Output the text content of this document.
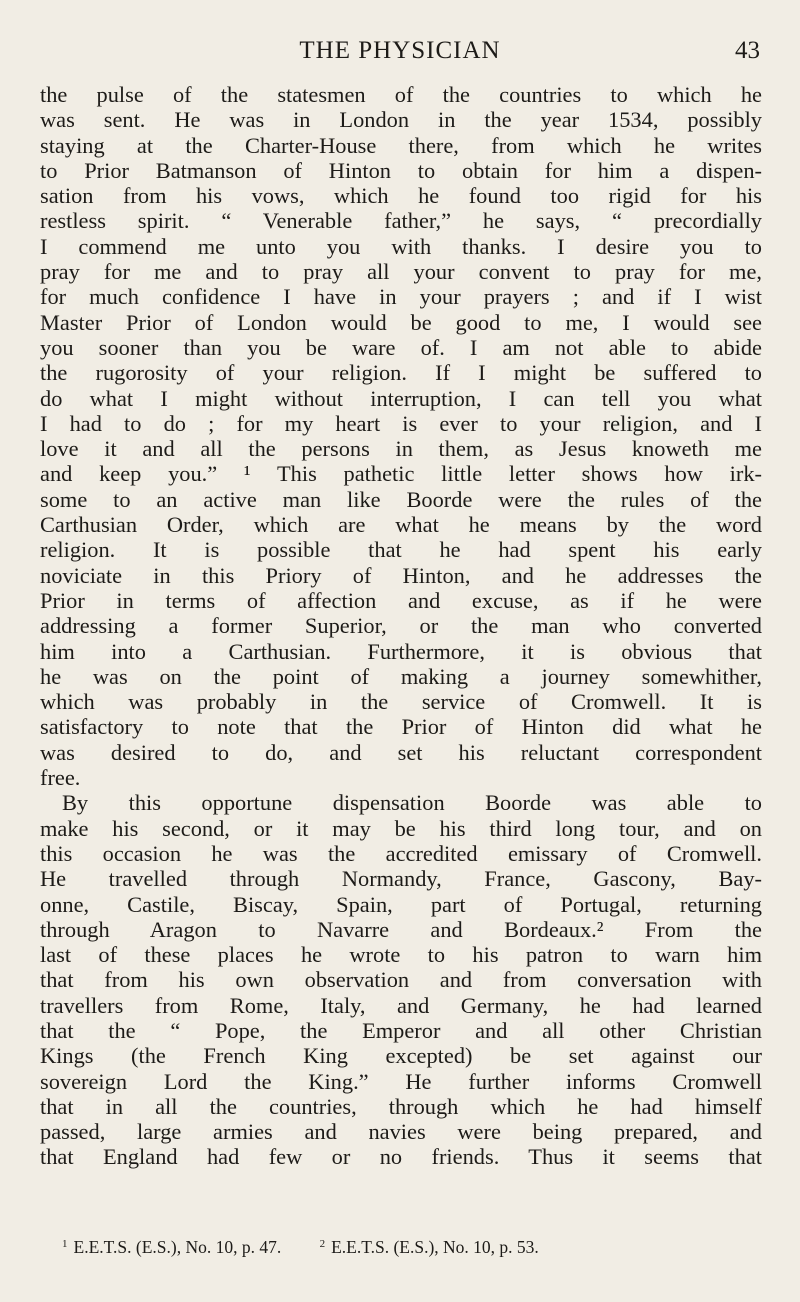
THE PHYSICIAN	43
the pulse of the statesmen of the countries to which he
was sent. He was in London in the year 1534, possibly
staying at the Charter-House there, from which he writes
to Prior Batmanson of Hinton to obtain for him a dispen-
sation from his vows, which he found too rigid for his
restless spirit. “ Venerable father,” he says, “ precordially
I commend me unto you with thanks. I desire you to
pray for me and to pray all your convent to pray for me,
for much confidence I have in your prayers ; and if I wist
Master Prior of London would be good to me, I would see
you sooner than you be ware of. I am not able to abide
the rugorosity of your religion. If I might be suffered to
do what I might without interruption, I can tell you what
I had to do ; for my heart is ever to your religion, and I
love it and all the persons in them, as Jesus knoweth me
and keep you.” ¹ This pathetic little letter shows how irk-
some to an active man like Boorde were the rules of the
Carthusian Order, which are what he means by the word
religion. It is possible that he had spent his early
noviciate in this Priory of Hinton, and he addresses the
Prior in terms of affection and excuse, as if he were
addressing a former Superior, or the man who converted
him into a Carthusian. Furthermore, it is obvious that
he was on the point of making a journey somewhither,
which was probably in the service of Cromwell. It is
satisfactory to note that the Prior of Hinton did what he
was desired to do, and set his reluctant correspondent
free.
By this opportune dispensation Boorde was able to
make his second, or it may be his third long tour, and on
this occasion he was the accredited emissary of Cromwell.
He travelled through Normandy, France, Gascony, Bay-
onne, Castile, Biscay, Spain, part of Portugal, returning
through Aragon to Navarre and Bordeaux.² From the
last of these places he wrote to his patron to warn him
that from his own observation and from conversation with
travellers from Rome, Italy, and Germany, he had learned
that the “ Pope, the Emperor and all other Christian
Kings (the French King excepted) be set against our
sovereign Lord the King.” He further informs Cromwell
that in all the countries, through which he had himself
passed, large armies and navies were being prepared, and
that England had few or no friends. Thus it seems that
$^1$ E.E.T.S. (E.S.), No. 10, p. 47.	$^2$ E.E.T.S. (E.S.), No. 10, p. 53.
